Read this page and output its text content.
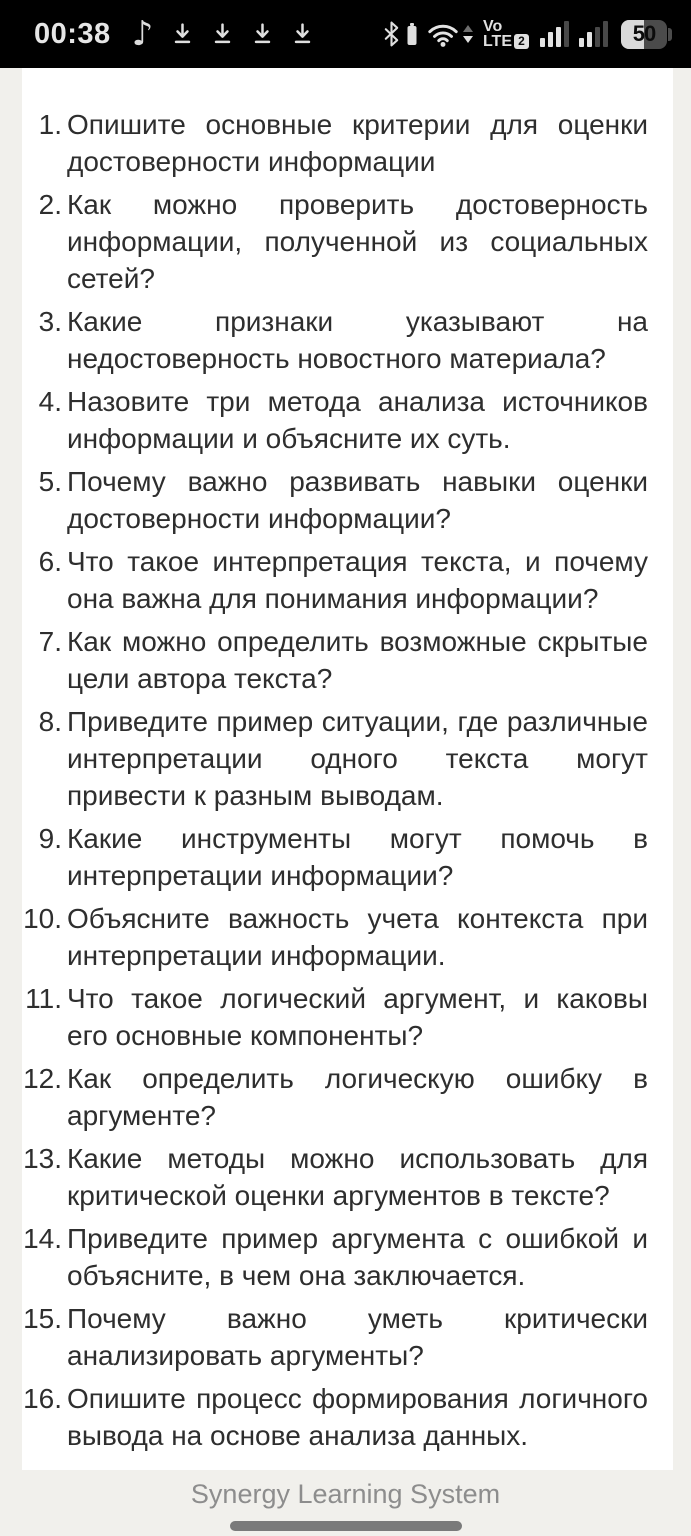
00:38 ♪	Vo
LTE 2	50
1. Опишите основные критерии для оценки достоверности информации
2. Как можно проверить достоверность информации, полученной из социальных сетей?
3. Какие признаки указывают на недостоверность новостного материала?
4. Назовите три метода анализа источников информации и объясните их суть.
5. Почему важно развивать навыки оценки достоверности информации?
6. Что такое интерпретация текста, и почему она важна для понимания информации?
7. Как можно определить возможные скрытые цели автора текста?
8. Приведите пример ситуации, где различные интерпретации одного текста могут привести к разным выводам.
9. Какие инструменты могут помочь в интерпретации информации?
10. Объясните важность учета контекста при интерпретации информации.
11. Что такое логический аргумент, и каковы его основные компоненты?
12. Как определить логическую ошибку в аргументе?
13. Какие методы можно использовать для критической оценки аргументов в тексте?
14. Приведите пример аргумента с ошибкой и объясните, в чем она заключается.
15. Почему важно уметь критически анализировать аргументы?
16. Опишите процесс формирования логичного вывода на основе анализа данных.
Synergy Learning System
